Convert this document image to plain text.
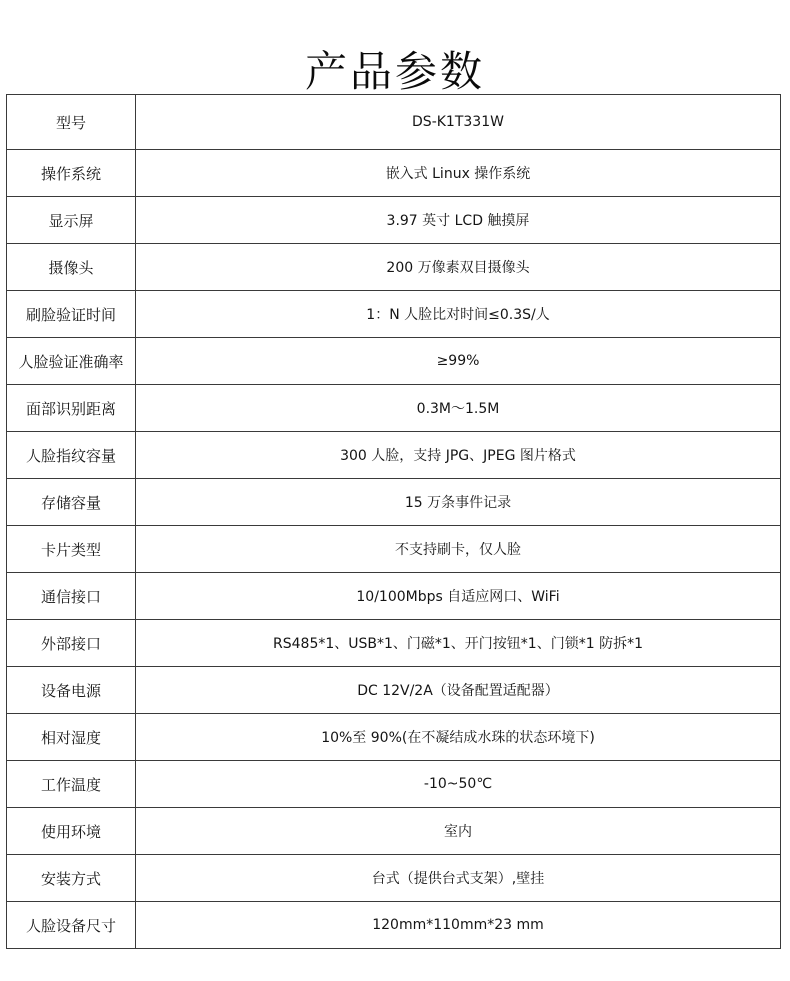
产品参数
型号	DS-K1T331W
操作系统	嵌入式 Linux 操作系统
显示屏	3.97 英寸 LCD 触摸屏
摄像头	200 万像素双目摄像头
刷脸验证时间	1：N 人脸比对时间≤0.3S/人
人脸验证准确率	≥99%
面部识别距离	0.3M～1.5M
人脸指纹容量	300 人脸，支持 JPG、JPEG 图片格式
存储容量	15 万条事件记录
卡片类型	不支持刷卡，仅人脸
通信接口	10/100Mbps 自适应网口、WiFi
外部接口	RS485*1、USB*1、门磁*1、开门按钮*1、门锁*1 防拆*1
设备电源	DC 12V/2A（设备配置适配器）
相对湿度	10%至 90%(在不凝结成水珠的状态环境下)
工作温度	-10~50℃
使用环境	室内
安装方式	台式（提供台式支架）,壁挂
人脸设备尺寸	120mm*110mm*23 mm
